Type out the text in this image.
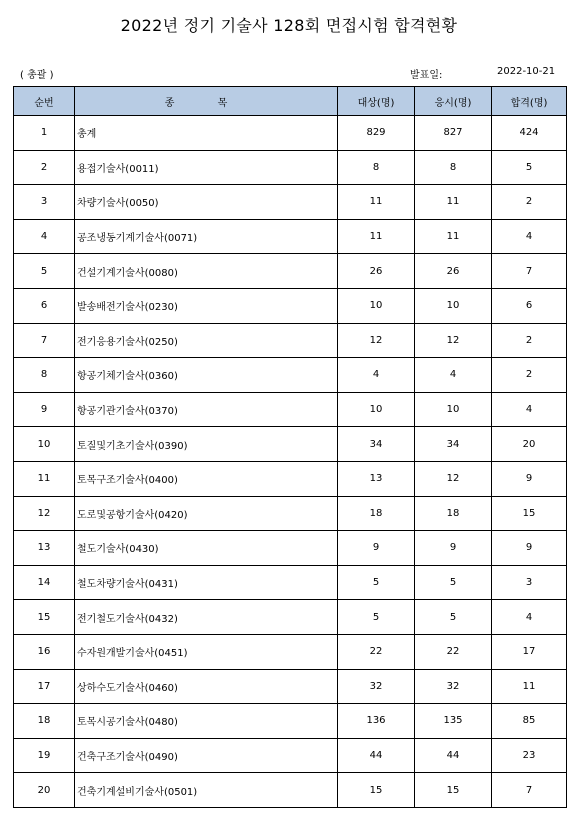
2022년 정기 기술사 128회 면접시험 합격현황
( 총괄 )	발표일:	2022-10-21
순번	종 목	대상(명)	응시(명)	합격(명)
1	총계	829	827	424
2	용접기술사(0011)	8	8	5
3	차량기술사(0050)	11	11	2
4	공조냉동기계기술사(0071)	11	11	4
5	건설기계기술사(0080)	26	26	7
6	발송배전기술사(0230)	10	10	6
7	전기응용기술사(0250)	12	12	2
8	항공기체기술사(0360)	4	4	2
9	항공기관기술사(0370)	10	10	4
10	토질및기초기술사(0390)	34	34	20
11	토목구조기술사(0400)	13	12	9
12	도로및공항기술사(0420)	18	18	15
13	철도기술사(0430)	9	9	9
14	철도차량기술사(0431)	5	5	3
15	전기철도기술사(0432)	5	5	4
16	수자원개발기술사(0451)	22	22	17
17	상하수도기술사(0460)	32	32	11
18	토목시공기술사(0480)	136	135	85
19	건축구조기술사(0490)	44	44	23
20	건축기계설비기술사(0501)	15	15	7
